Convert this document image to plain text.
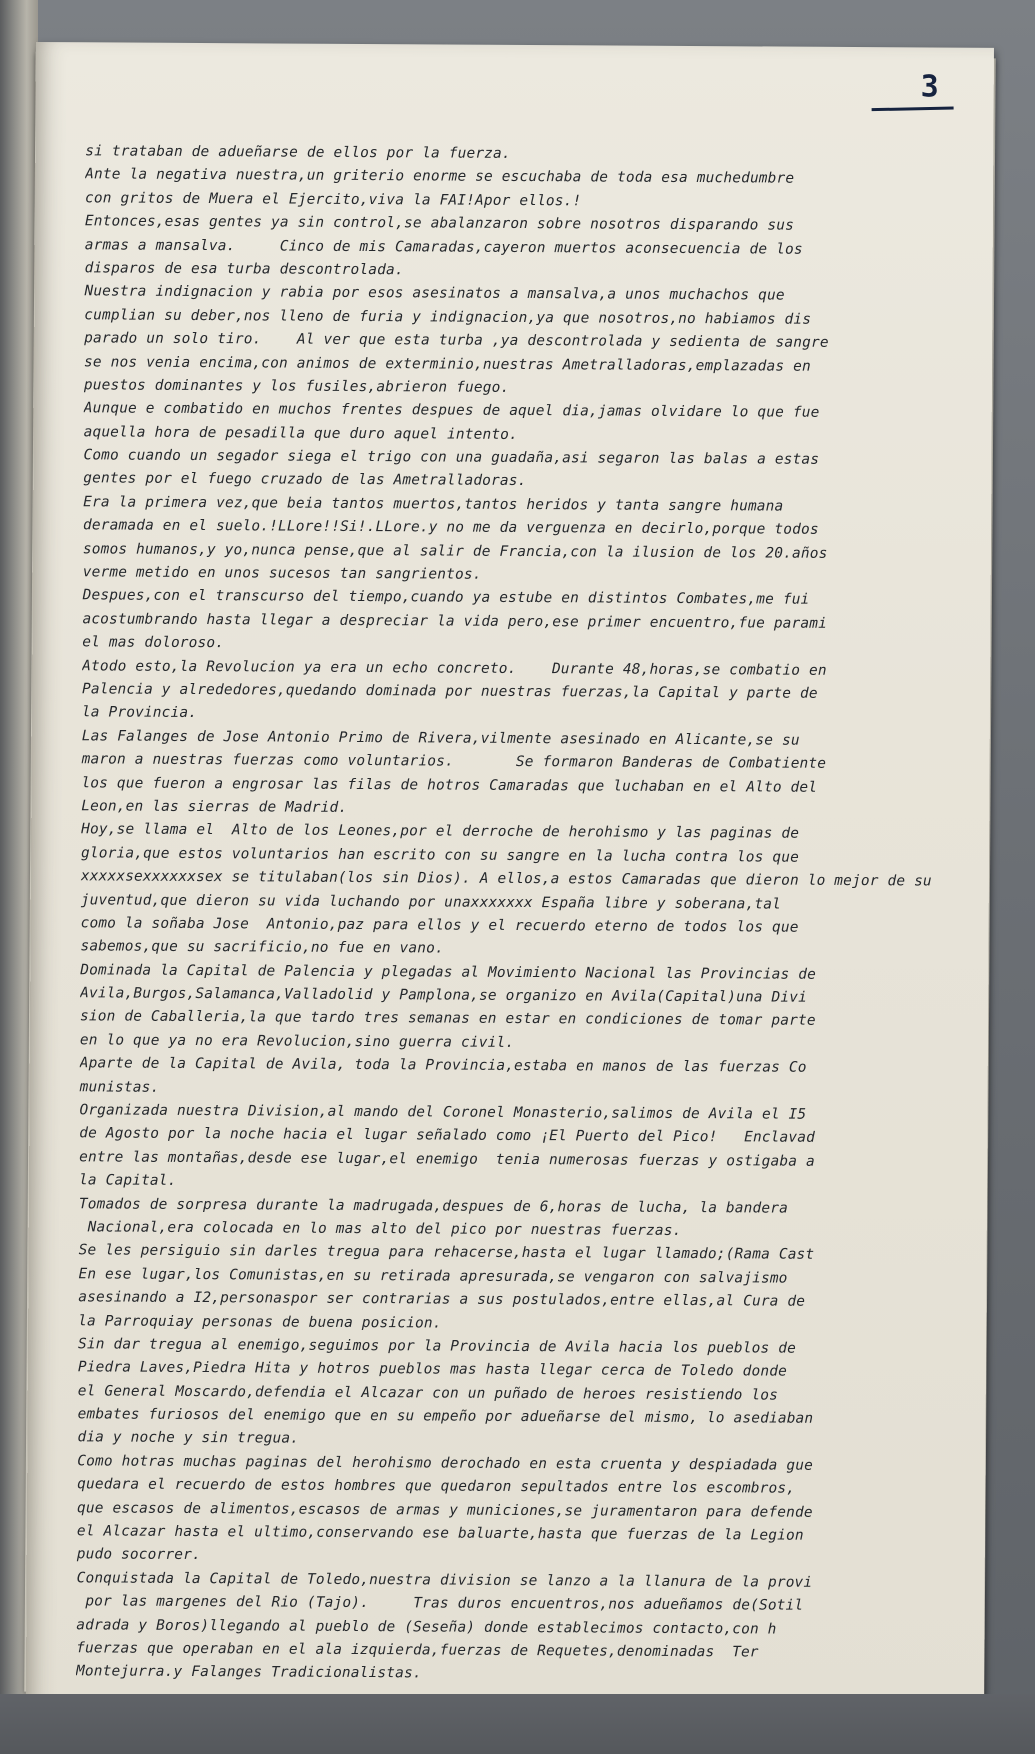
3
si trataban de adueñarse de ellos por la fuerza.
Ante la negativa nuestra,un griterio enorme se escuchaba de toda esa muchedumbre
con gritos de Muera el Ejercito,viva la FAI!Apor ellos.!
Entonces,esas gentes ya sin control,se abalanzaron sobre nosotros disparando sus
armas a mansalva.     Cinco de mis Camaradas,cayeron muertos aconsecuencia de los
disparos de esa turba descontrolada.
Nuestra indignacion y rabia por esos asesinatos a mansalva,a unos muchachos que
cumplian su deber,nos lleno de furia y indignacion,ya que nosotros,no habiamos dis
parado un solo tiro.    Al ver que esta turba ,ya descontrolada y sedienta de sangre
se nos venia encima,con animos de exterminio,nuestras Ametralladoras,emplazadas en
puestos dominantes y los fusiles,abrieron fuego.
Aunque e combatido en muchos frentes despues de aquel dia,jamas olvidare lo que fue
aquella hora de pesadilla que duro aquel intento.
Como cuando un segador siega el trigo con una guadaña,asi segaron las balas a estas
gentes por el fuego cruzado de las Ametralladoras.
Era la primera vez,que beia tantos muertos,tantos heridos y tanta sangre humana
deramada en el suelo.!LLore!!Si!.LLore.y no me da verguenza en decirlo,porque todos
somos humanos,y yo,nunca pense,que al salir de Francia,con la ilusion de los 20.años
verme metido en unos sucesos tan sangrientos.
Despues,con el transcurso del tiempo,cuando ya estube en distintos Combates,me fui
acostumbrando hasta llegar a despreciar la vida pero,ese primer encuentro,fue parami
el mas doloroso.
Atodo esto,la Revolucion ya era un echo concreto.    Durante 48,horas,se combatio en
Palencia y alrededores,quedando dominada por nuestras fuerzas,la Capital y parte de
la Provincia.
Las Falanges de Jose Antonio Primo de Rivera,vilmente asesinado en Alicante,se su
maron a nuestras fuerzas como voluntarios.       Se formaron Banderas de Combatiente
los que fueron a engrosar las filas de hotros Camaradas que luchaban en el Alto del
Leon,en las sierras de Madrid.
Hoy,se llama el  Alto de los Leones,por el derroche de herohismo y las paginas de
gloria,que estos voluntarios han escrito con su sangre en la lucha contra los que
xxxxxsexxxxxxsex se titulaban(los sin Dios). A ellos,a estos Camaradas que dieron lo mejor de su
juventud,que dieron su vida luchando por unaxxxxxxx España libre y soberana,tal
como la soñaba Jose  Antonio,paz para ellos y el recuerdo eterno de todos los que
sabemos,que su sacrificio,no fue en vano.
Dominada la Capital de Palencia y plegadas al Movimiento Nacional las Provincias de
Avila,Burgos,Salamanca,Valladolid y Pamplona,se organizo en Avila(Capital)una Divi
sion de Caballeria,la que tardo tres semanas en estar en condiciones de tomar parte
en lo que ya no era Revolucion,sino guerra civil.
Aparte de la Capital de Avila, toda la Provincia,estaba en manos de las fuerzas Co
munistas.
Organizada nuestra Division,al mando del Coronel Monasterio,salimos de Avila el I5
de Agosto por la noche hacia el lugar señalado como ¡El Puerto del Pico!   Enclavad
entre las montañas,desde ese lugar,el enemigo  tenia numerosas fuerzas y ostigaba a
la Capital.
Tomados de sorpresa durante la madrugada,despues de 6,horas de lucha, la bandera
Nacional,era colocada en lo mas alto del pico por nuestras fuerzas.
Se les persiguio sin darles tregua para rehacerse,hasta el lugar llamado;(Rama Cast
En ese lugar,los Comunistas,en su retirada apresurada,se vengaron con salvajismo
asesinando a I2,personaspor ser contrarias a sus postulados,entre ellas,al Cura de
la Parroquiay personas de buena posicion.
Sin dar tregua al enemigo,seguimos por la Provincia de Avila hacia los pueblos de
Piedra Laves,Piedra Hita y hotros pueblos mas hasta llegar cerca de Toledo donde
el General Moscardo,defendia el Alcazar con un puñado de heroes resistiendo los
embates furiosos del enemigo que en su empeño por adueñarse del mismo, lo asediaban
dia y noche y sin tregua.
Como hotras muchas paginas del herohismo derochado en esta cruenta y despiadada gue
quedara el recuerdo de estos hombres que quedaron sepultados entre los escombros,
que escasos de alimentos,escasos de armas y municiones,se juramentaron para defende
el Alcazar hasta el ultimo,conservando ese baluarte,hasta que fuerzas de la Legion
pudo socorrer.
Conquistada la Capital de Toledo,nuestra division se lanzo a la llanura de la provi
por las margenes del Rio (Tajo).     Tras duros encuentros,nos adueñamos de(Sotil
adrada y Boros)llegando al pueblo de (Seseña) donde establecimos contacto,con h
fuerzas que operaban en el ala izquierda,fuerzas de Requetes,denominadas  Ter
Montejurra.y Falanges Tradicionalistas.
